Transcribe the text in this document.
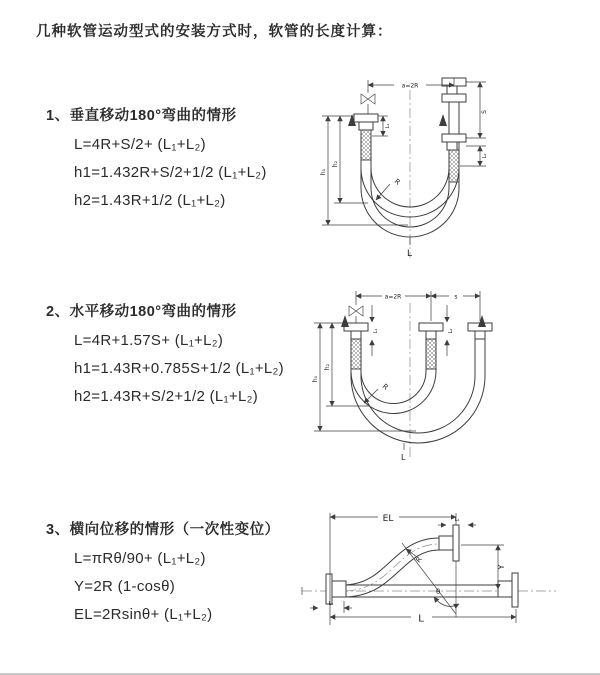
几种软管运动型式的安装方式时，软管的长度计算：
1、垂直移动180°弯曲的情形
L=4R+S/2+ (L₁+L₂)
h1=1.432R+S/2+1/2 (L₁+L₂)
h2=1.43R+1/2 (L₁+L₂)
2、水平移动180°弯曲的情形
L=4R+1.57S+ (L₁+L₂)
h1=1.43R+0.785S+1/2 (L₁+L₂)
h2=1.43R+S/2+1/2 (L₁+L₂)
3、横向位移的情形（一次性变位）
L=πRθ/90+ (L₁+L₂)
Y=2R (1-cosθ)
EL=2Rsinθ+ (L₁+L₂)
a=2R
S
L₂
L₁
h₁
h₂
R
L
a=2R	s
L₁	L₂
h₁
h₂
R
L
EL	L₂
Y
R
θ
L
L₁
